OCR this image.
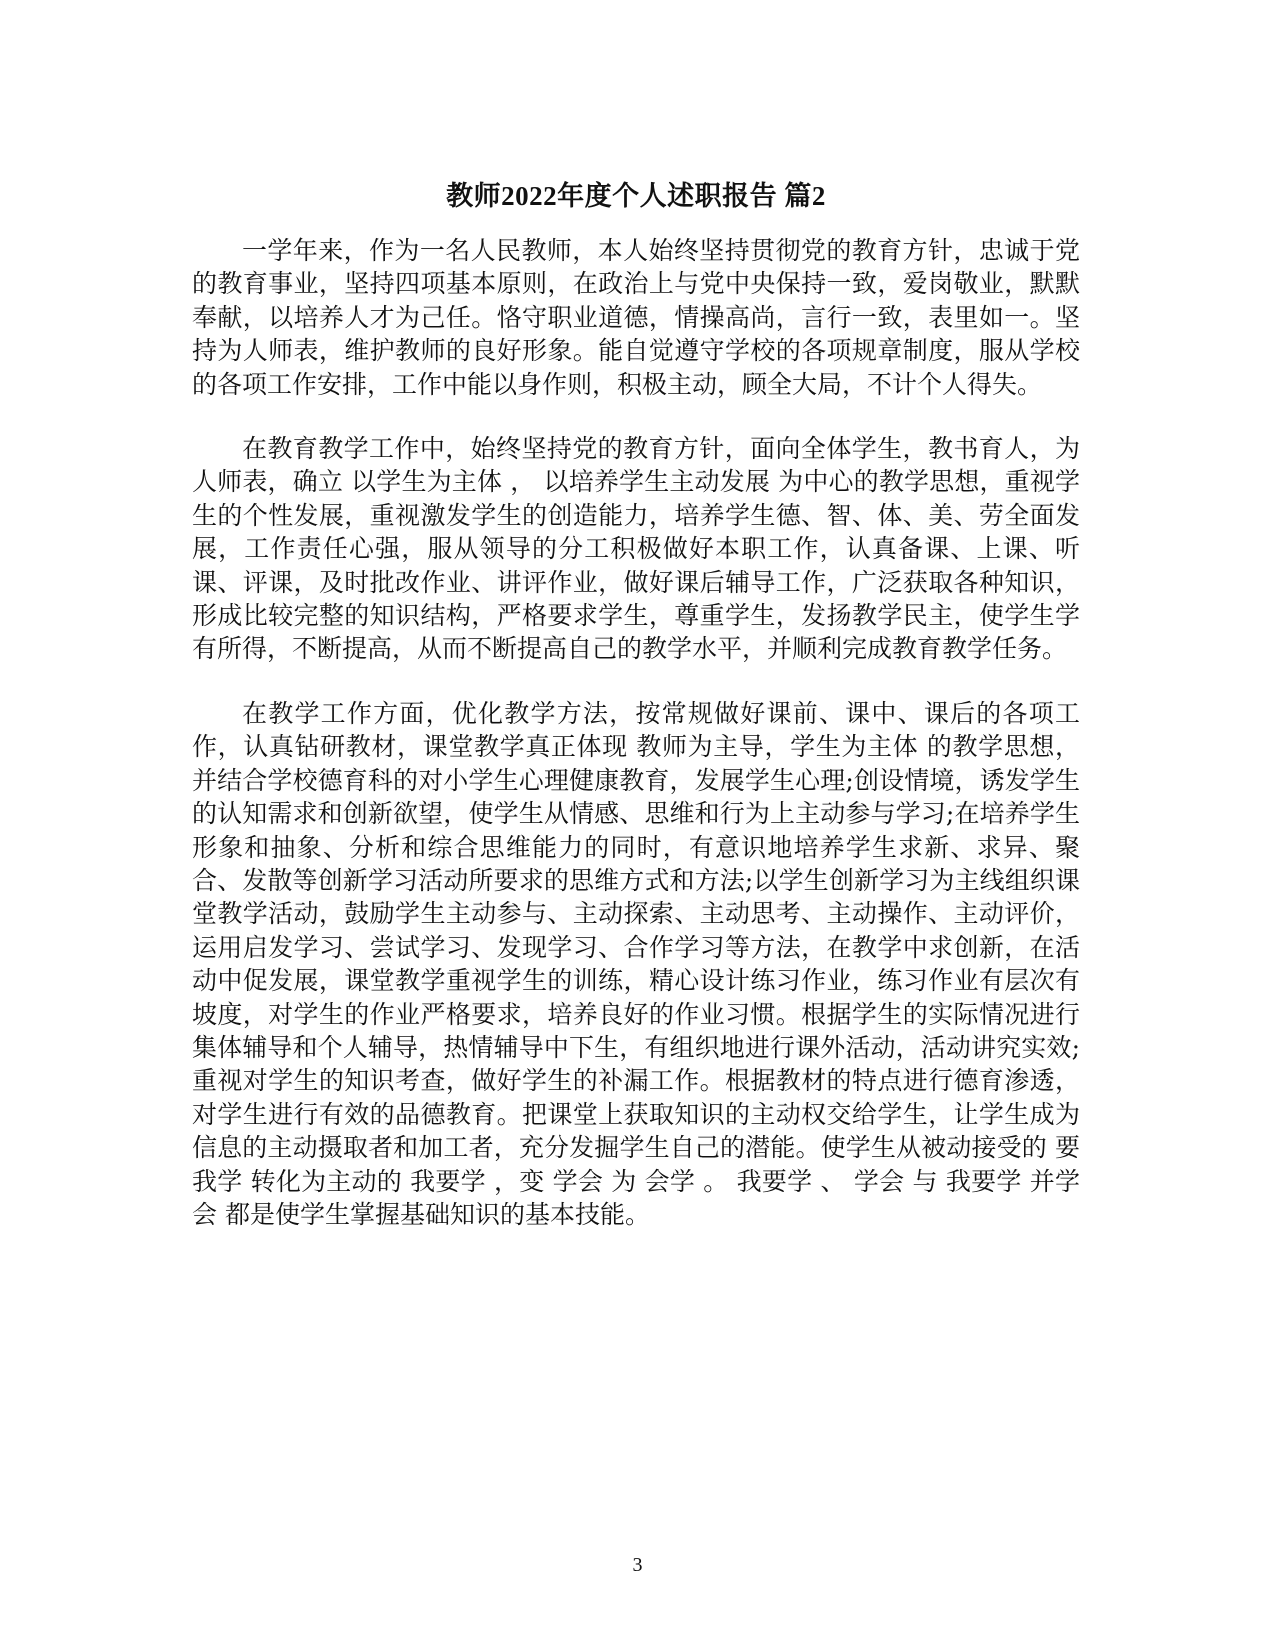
教师2022年度个人述职报告 篇2

一学年来，作为一名人民教师，本人始终坚持贯彻党的教育方针，忠诚于党的教育事业，坚持四项基本原则，在政治上与党中央保持一致，爱岗敬业，默默奉献，以培养人才为己任。恪守职业道德，情操高尚，言行一致，表里如一。坚持为人师表，维护教师的良好形象。能自觉遵守学校的各项规章制度，服从学校的各项工作安排，工作中能以身作则，积极主动，顾全大局，不计个人得失。

在教育教学工作中，始终坚持党的教育方针，面向全体学生，教书育人，为人师表，确立 以学生为主体 ， 以培养学生主动发展 为中心的教学思想，重视学生的个性发展，重视激发学生的创造能力，培养学生德、智、体、美、劳全面发展，工作责任心强，服从领导的分工积极做好本职工作，认真备课、上课、听课、评课，及时批改作业、讲评作业，做好课后辅导工作，广泛获取各种知识，形成比较完整的知识结构，严格要求学生，尊重学生，发扬教学民主，使学生学有所得，不断提高，从而不断提高自己的教学水平，并顺利完成教育教学任务。

在教学工作方面，优化教学方法，按常规做好课前、课中、课后的各项工作，认真钻研教材，课堂教学真正体现 教师为主导，学生为主体 的教学思想，并结合学校德育科的对小学生心理健康教育，发展学生心理;创设情境，诱发学生的认知需求和创新欲望，使学生从情感、思维和行为上主动参与学习;在培养学生形象和抽象、分析和综合思维能力的同时，有意识地培养学生求新、求异、聚合、发散等创新学习活动所要求的思维方式和方法;以学生创新学习为主线组织课堂教学活动，鼓励学生主动参与、主动探索、主动思考、主动操作、主动评价，运用启发学习、尝试学习、发现学习、合作学习等方法，在教学中求创新，在活动中促发展，课堂教学重视学生的训练，精心设计练习作业，练习作业有层次有坡度，对学生的作业严格要求，培养良好的作业习惯。根据学生的实际情况进行集体辅导和个人辅导，热情辅导中下生，有组织地进行课外活动，活动讲究实效;重视对学生的知识考查，做好学生的补漏工作。根据教材的特点进行德育渗透，对学生进行有效的品德教育。把课堂上获取知识的主动权交给学生，让学生成为信息的主动摄取者和加工者，充分发掘学生自己的潜能。使学生从被动接受的 要我学 转化为主动的 我要学 ，变 学会 为 会学 。 我要学 、 学会 与 我要学 并学会 都是使学生掌握基础知识的基本技能。

3
